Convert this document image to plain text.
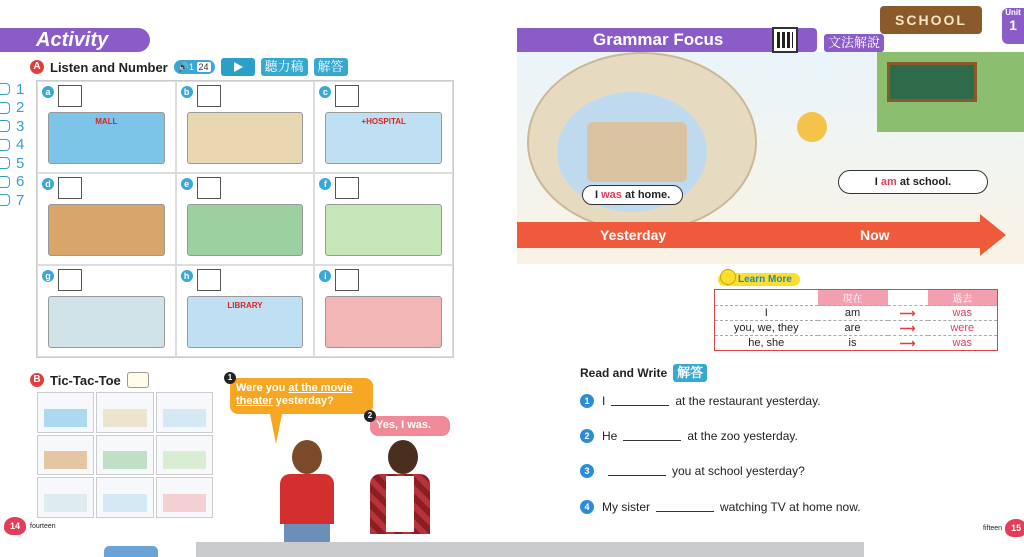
Activity
A Listen and Number	🔊1 24	聽力稿	解答
1
2
3
4
5
6
7
a
MALL
b	c
+HOSPITAL
d	e	f
g	h
LIBRARY
i
B Tic-Tac-Toe	1
Were you at the movie theater yesterday?
2
Yes, I was.
14	fourteen
Grammar Focus	文法解說
SCHOOL	Unit
1
I was at home.
I am at school.
Yesterday	Now
Learn More
	現在		過去
I	am	⟶	was
you, we, they	are	⟶	were
he, she	is	⟶	was
Read and Write 解答
1	I	at the restaurant yesterday.
2	He	at the zoo yesterday.
3	you at school yesterday?
4	My sister	watching TV at home now.
fifteen 15
